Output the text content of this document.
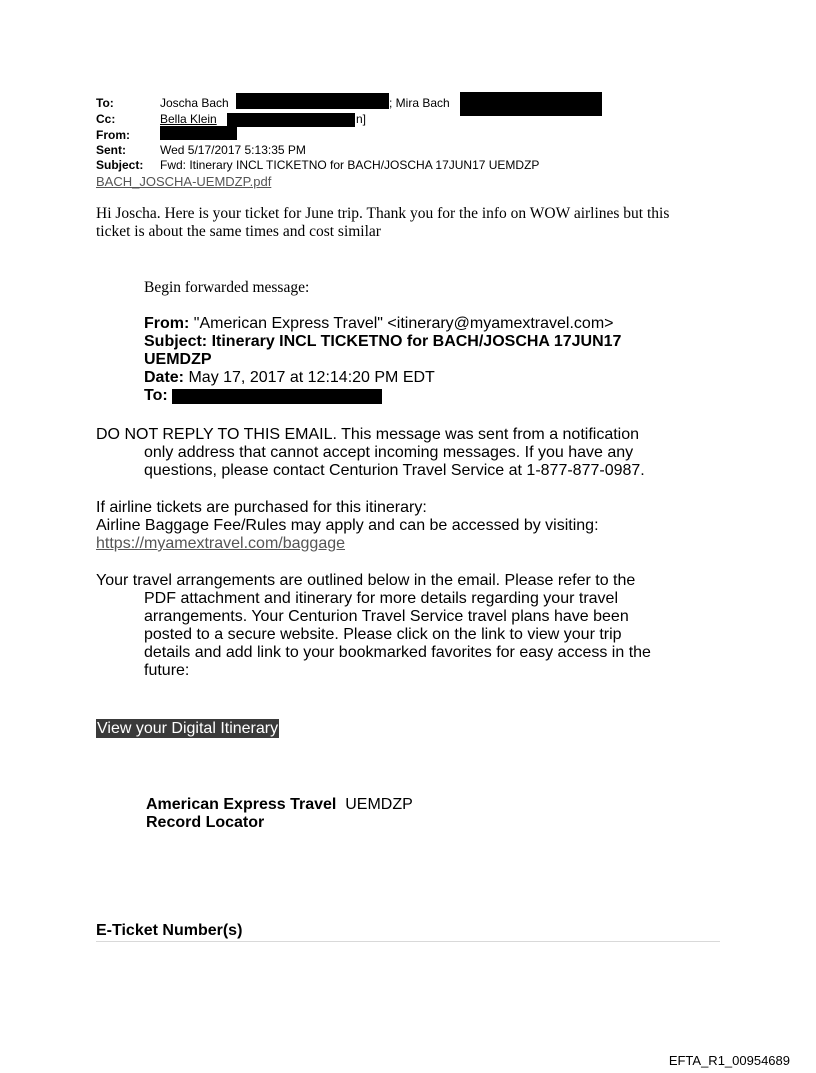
To:	Joscha Bach	; Mira Bach
Cc:	Bella Klein	n]
From:
Sent:	Wed 5/17/2017 5:13:35 PM
Subject: Fwd: Itinerary INCL TICKETNO for BACH/JOSCHA 17JUN17 UEMDZP
BACH_JOSCHA-UEMDZP.pdf
Hi Joscha. Here is your ticket for June trip. Thank you for the info on WOW airlines but this
ticket is about the same times and cost similar
Begin forwarded message:
From: "American Express Travel" <itinerary@myamextravel.com>
Subject: Itinerary INCL TICKETNO for BACH/JOSCHA 17JUN17
UEMDZP
Date: May 17, 2017 at 12:14:20 PM EDT
To:
DO NOT REPLY TO THIS EMAIL. This message was sent from a notification
only address that cannot accept incoming messages. If you have any
questions, please contact Centurion Travel Service at 1-877-877-0987.
If airline tickets are purchased for this itinerary:
Airline Baggage Fee/Rules may apply and can be accessed by visiting:
https://myamextravel.com/baggage
Your travel arrangements are outlined below in the email. Please refer to the
PDF attachment and itinerary for more details regarding your travel
arrangements. Your Centurion Travel Service travel plans have been
posted to a secure website. Please click on the link to view your trip
details and add link to your bookmarked favorites for easy access in the
future:
View your Digital Itinerary
American Express Travel UEMDZP
Record Locator
E-Ticket Number(s)
EFTA_R1_00954689
